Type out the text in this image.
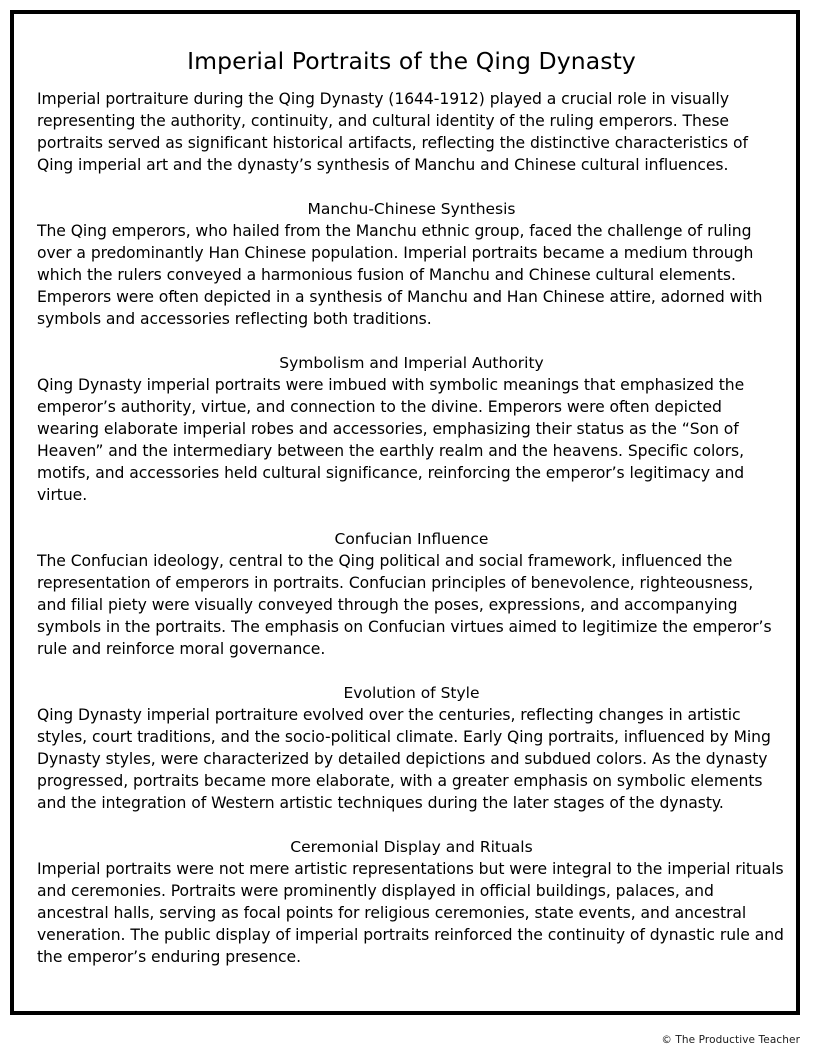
Imperial Portraits of the Qing Dynasty

Imperial portraiture during the Qing Dynasty (1644-1912) played a crucial role in visually representing the authority, continuity, and cultural identity of the ruling emperors. These portraits served as significant historical artifacts, reflecting the distinctive characteristics of Qing imperial art and the dynasty’s synthesis of Manchu and Chinese cultural influences.

Manchu-Chinese Synthesis

The Qing emperors, who hailed from the Manchu ethnic group, faced the challenge of ruling over a predominantly Han Chinese population. Imperial portraits became a medium through which the rulers conveyed a harmonious fusion of Manchu and Chinese cultural elements. Emperors were often depicted in a synthesis of Manchu and Han Chinese attire, adorned with symbols and accessories reflecting both traditions.

Symbolism and Imperial Authority

Qing Dynasty imperial portraits were imbued with symbolic meanings that emphasized the emperor’s authority, virtue, and connection to the divine. Emperors were often depicted wearing elaborate imperial robes and accessories, emphasizing their status as the “Son of Heaven” and the intermediary between the earthly realm and the heavens. Specific colors, motifs, and accessories held cultural significance, reinforcing the emperor’s legitimacy and virtue.

Confucian Influence

The Confucian ideology, central to the Qing political and social framework, influenced the representation of emperors in portraits. Confucian principles of benevolence, righteousness, and filial piety were visually conveyed through the poses, expressions, and accompanying symbols in the portraits. The emphasis on Confucian virtues aimed to legitimize the emperor’s rule and reinforce moral governance.

Evolution of Style

Qing Dynasty imperial portraiture evolved over the centuries, reflecting changes in artistic styles, court traditions, and the socio-political climate. Early Qing portraits, influenced by Ming Dynasty styles, were characterized by detailed depictions and subdued colors. As the dynasty progressed, portraits became more elaborate, with a greater emphasis on symbolic elements and the integration of Western artistic techniques during the later stages of the dynasty.

Ceremonial Display and Rituals

Imperial portraits were not mere artistic representations but were integral to the imperial rituals and ceremonies. Portraits were prominently displayed in official buildings, palaces, and ancestral halls, serving as focal points for religious ceremonies, state events, and ancestral veneration. The public display of imperial portraits reinforced the continuity of dynastic rule and the emperor’s enduring presence.

© The Productive Teacher
